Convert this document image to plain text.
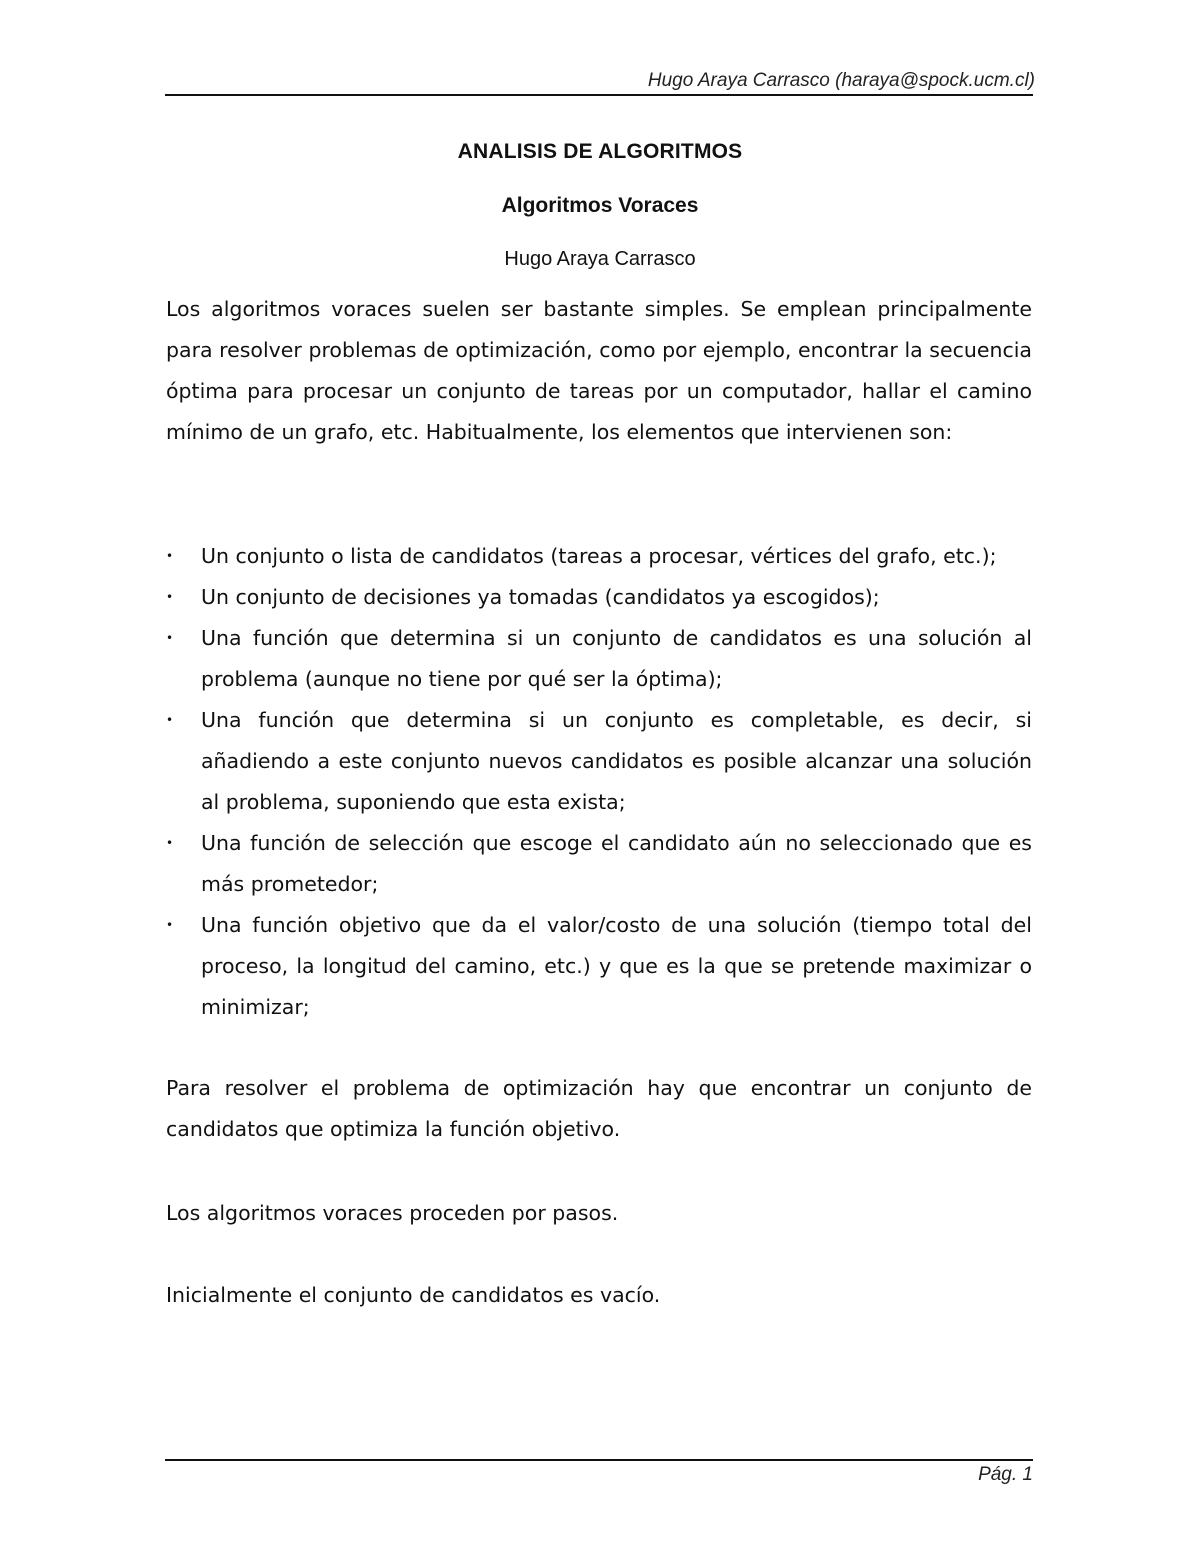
Hugo Araya Carrasco (haraya@spock.ucm.cl)
ANALISIS DE ALGORITMOS
Algoritmos Voraces
Hugo Araya Carrasco

Los algoritmos voraces suelen ser bastante simples. Se emplean principalmente para resolver problemas de optimización, como por ejemplo, encontrar la secuencia óptima para procesar un conjunto de tareas por un computador, hallar el camino mínimo de un grafo, etc. Habitualmente, los elementos que intervienen son:

• Un conjunto o lista de candidatos (tareas a procesar, vértices del grafo, etc.);
• Un conjunto de decisiones ya tomadas (candidatos ya escogidos);
• Una función que determina si un conjunto de candidatos es una solución al problema (aunque no tiene por qué ser la óptima);
• Una función que determina si un conjunto es completable, es decir, si añadiendo a este conjunto nuevos candidatos es posible alcanzar una solución al problema, suponiendo que esta exista;
• Una función de selección que escoge el candidato aún no seleccionado que es más prometedor;
• Una función objetivo que da el valor/costo de una solución (tiempo total del proceso, la longitud del camino, etc.) y que es la que se pretende maximizar o minimizar;

Para resolver el problema de optimización hay que encontrar un conjunto de candidatos que optimiza la función objetivo.

Los algoritmos voraces proceden por pasos.

Inicialmente el conjunto de candidatos es vacío.

Pág. 1
